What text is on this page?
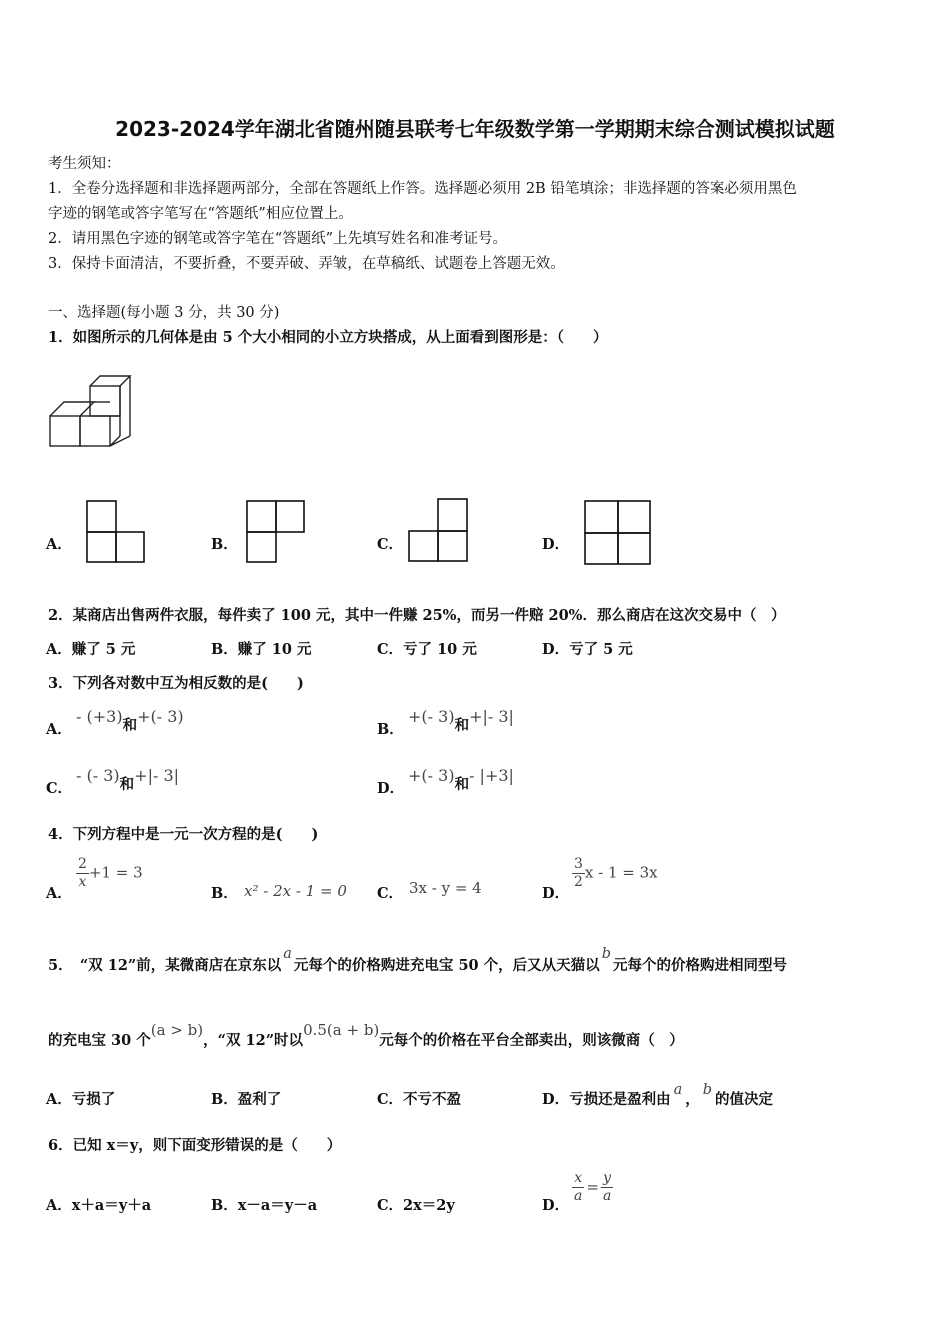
2023-2024学年湖北省随州随县联考七年级数学第一学期期末综合测试模拟试题
考生须知：
1．全卷分选择题和非选择题两部分，全部在答题纸上作答。选择题必须用 2B 铅笔填涂；非选择题的答案必须用黑色
字迹的钢笔或答字笔写在“答题纸”相应位置上。
2．请用黑色字迹的钢笔或答字笔在“答题纸”上先填写姓名和准考证号。
3．保持卡面清洁，不要折叠，不要弄破、弄皱，在草稿纸、试题卷上答题无效。
一、选择题(每小题 3 分，共 30 分)
1．如图所示的几何体是由 5 个大小相同的小立方块搭成，从上面看到图形是：（　　）
A．	B．	C．	D．
2．某商店出售两件衣服，每件卖了 100 元，其中一件赚 25%，而另一件赔 20%．那么商店在这次交易中（　）
A．赚了 5 元	B．赚了 10 元	C．亏了 10 元	D．亏了 5 元
3．下列各对数中互为相反数的是(　　)
A．
- (+3)和+(- 3)
B．
+(- 3)和+|- 3|
C．
- (- 3)和+|- 3|
D．
+(- 3)和- |+3|
4．下列方程中是一元一次方程的是(　　)
A．
$\frac{2}{x} +1 = 3$
B． x² - 2x - 1 = 0 C． 3x - y = 4	D．
$\frac{3}{2}$ x - 1 = 3x
5．　“双 12”前，某微商店在京东以a元每个的价格购进充电宝 50 个，后又从天猫以b元每个的价格购进相同型号
的充电宝 30 个(a > b)，“双 12”时以0.5(a + b)元每个的价格在平台全部卖出，则该微商（　）
A．亏损了	B．盈利了	C．不亏不盈	D．亏损还是盈利由a，b的值决定
6．已知 x＝y，则下面变形错误的是（　　）
A．x＋a＝y＋a	B．x－a＝y－a	C．2x＝2y	D．
$\frac{x}{a} = \frac{y}{a}$
